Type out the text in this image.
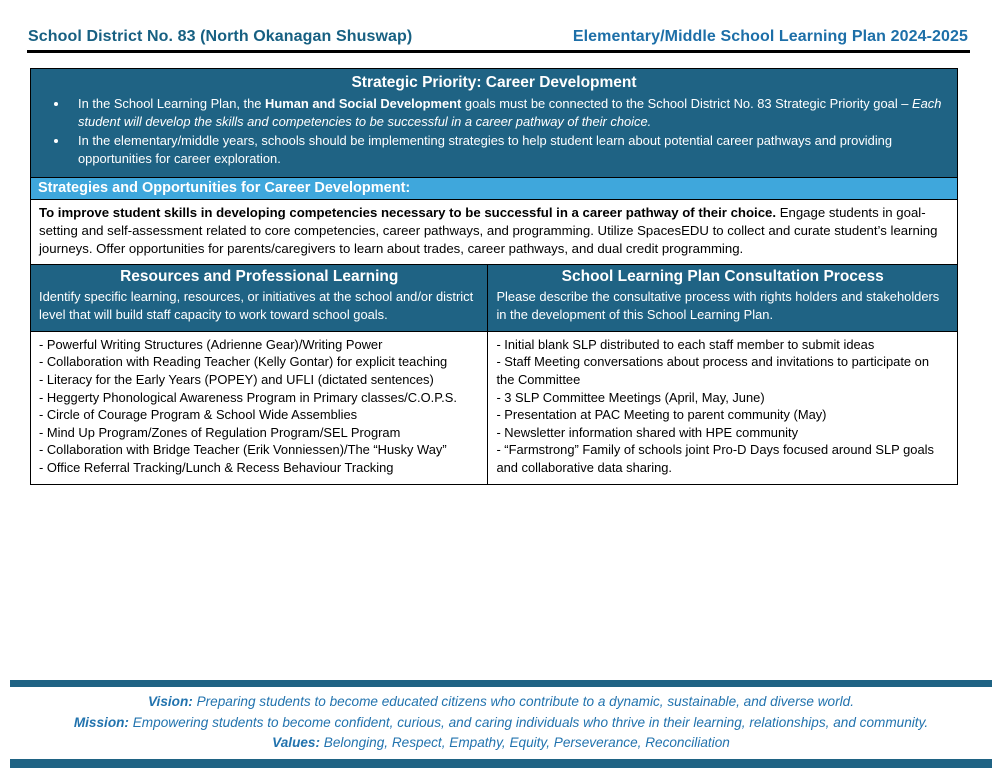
School District No. 83 (North Okanagan Shuswap)	Elementary/Middle School Learning Plan 2024-2025
Strategic Priority: Career Development
• In the School Learning Plan, the Human and Social Development goals must be connected to the School District No. 83 Strategic Priority goal – Each student will develop the skills and competencies to be successful in a career pathway of their choice.
• In the elementary/middle years, schools should be implementing strategies to help student learn about potential career pathways and providing opportunities for career exploration.
Strategies and Opportunities for Career Development:
To improve student skills in developing competencies necessary to be successful in a career pathway of their choice. Engage students in goal-setting and self-assessment related to core competencies, career pathways, and programming. Utilize SpacesEDU to collect and curate student’s learning journeys. Offer opportunities for parents/caregivers to learn about trades, career pathways, and dual credit programming.
Resources and Professional Learning
Identify specific learning, resources, or initiatives at the school and/or district level that will build staff capacity to work toward school goals.
School Learning Plan Consultation Process
Please describe the consultative process with rights holders and stakeholders in the development of this School Learning Plan.
- Powerful Writing Structures (Adrienne Gear)/Writing Power
- Collaboration with Reading Teacher (Kelly Gontar) for explicit teaching
- Literacy for the Early Years (POPEY) and UFLI (dictated sentences)
- Heggerty Phonological Awareness Program in Primary classes/C.O.P.S.
- Circle of Courage Program & School Wide Assemblies
- Mind Up Program/Zones of Regulation Program/SEL Program
- Collaboration with Bridge Teacher (Erik Vonniessen)/The “Husky Way”
- Office Referral Tracking/Lunch & Recess Behaviour Tracking
- Initial blank SLP distributed to each staff member to submit ideas
- Staff Meeting conversations about process and invitations to participate on the Committee
- 3 SLP Committee Meetings (April, May, June)
- Presentation at PAC Meeting to parent community (May)
- Newsletter information shared with HPE community
- “Farmstrong” Family of schools joint Pro-D Days focused around SLP goals and collaborative data sharing.
Vision: Preparing students to become educated citizens who contribute to a dynamic, sustainable, and diverse world.
Mission: Empowering students to become confident, curious, and caring individuals who thrive in their learning, relationships, and community.
Values: Belonging, Respect, Empathy, Equity, Perseverance, Reconciliation
